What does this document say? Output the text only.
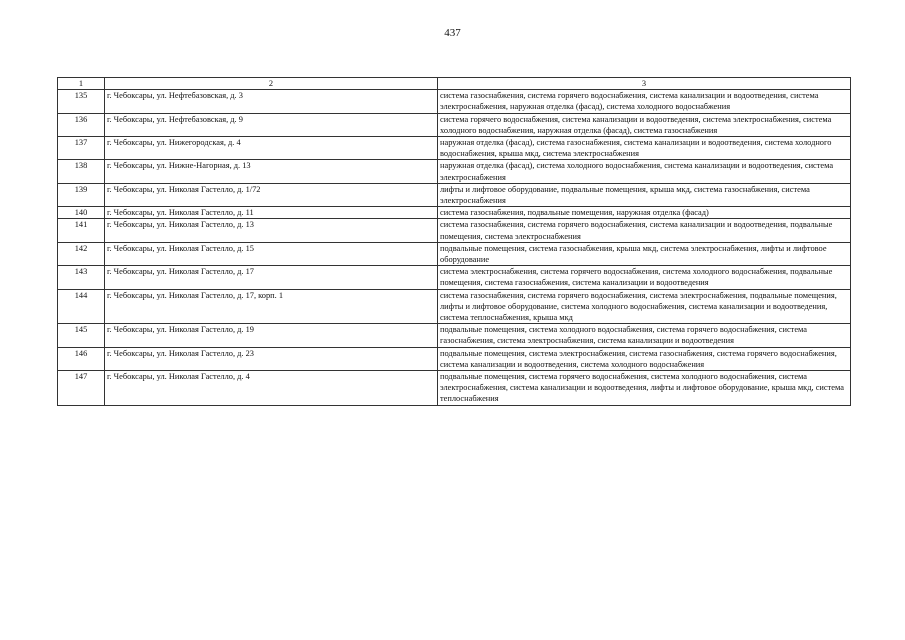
437
1	2	3
135	г. Чебоксары, ул. Нефтебазовская, д. 3	система газоснабжения, система горячего водоснабжения, система канализации и водоотведения, система электроснабжения, наружная отделка (фасад), система холодного водоснабжения
136	г. Чебоксары, ул. Нефтебазовская, д. 9	система горячего водоснабжения, система канализации и водоотведения, система электроснабжения, система холодного водоснабжения, наружная отделка (фасад), система газоснабжения
137	г. Чебоксары, ул. Нижегородская, д. 4	наружная отделка (фасад), система газоснабжения, система канализации и водоотведения, система холодного водоснабжения, крыша мкд, система электроснабжения
138	г. Чебоксары, ул. Нижне-Нагорная, д. 13	наружная отделка (фасад), система холодного водоснабжения, система канализации и водоотведения, система электроснабжения
139	г. Чебоксары, ул. Николая Гастелло, д. 1/72	лифты и лифтовое оборудование, подвальные помещения, крыша мкд, система газоснабжения, система электроснабжения
140	г. Чебоксары, ул. Николая Гастелло, д. 11	система газоснабжения, подвальные помещения, наружная отделка (фасад)
141	г. Чебоксары, ул. Николая Гастелло, д. 13	система газоснабжения, система горячего водоснабжения, система канализации и водоотведения, подвальные помещения, система электроснабжения
142	г. Чебоксары, ул. Николая Гастелло, д. 15	подвальные помещения, система газоснабжения, крыша мкд, система электроснабжения, лифты и лифтовое оборудование
143	г. Чебоксары, ул. Николая Гастелло, д. 17	система электроснабжения, система горячего водоснабжения, система холодного водоснабжения, подвальные помещения, система газоснабжения, система канализации и водоотведения
144	г. Чебоксары, ул. Николая Гастелло, д. 17, корп. 1	система газоснабжения, система горячего водоснабжения, система электроснабжения, подвальные помещения, лифты и лифтовое оборудование, система холодного водоснабжения, система канализации и водоотведения, система теплоснабжения, крыша мкд
145	г. Чебоксары, ул. Николая Гастелло, д. 19	подвальные помещения, система холодного водоснабжения, система горячего водоснабжения, система газоснабжения, система электроснабжения, система канализации и водоотведения
146	г. Чебоксары, ул. Николая Гастелло, д. 23	подвальные помещения, система электроснабжения, система газоснабжения, система горячего водоснабжения, система канализации и водоотведения, система холодного водоснабжения
147	г. Чебоксары, ул. Николая Гастелло, д. 4	подвальные помещения, система горячего водоснабжения, система холодного водоснабжения, система электроснабжения, система канализации и водоотведения, лифты и лифтовое оборудование, крыша мкд, система теплоснабжения
